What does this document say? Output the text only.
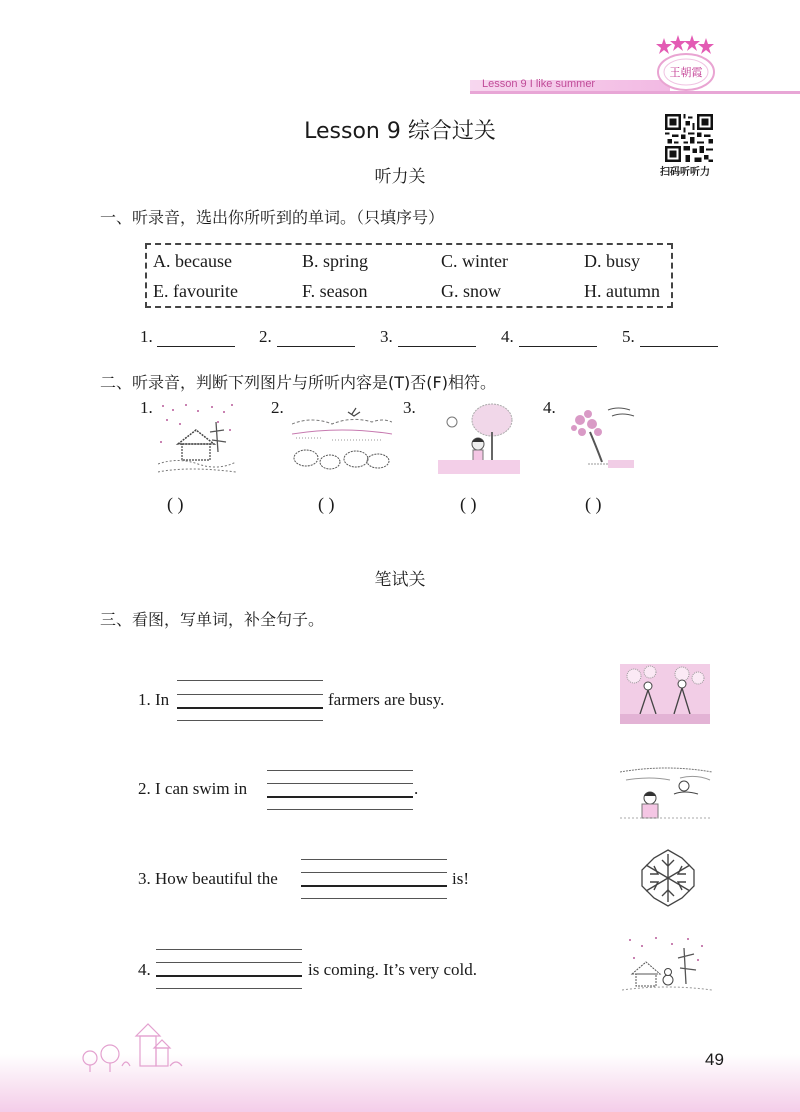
Lesson 9 I like summer
王朝霞
Lesson 9 综合过关
扫码听听力
听力关
一、听录音，选出你所听到的单词。（只填序号）
A. because	B. spring	C. winter	D. busy
E. favourite	F. season	G. snow	H. autumn
1.	2.	3.	4.	5.
二、听录音，判断下列图片与所听内容是(T)否(F)相符。
1.	2.	3.	4.
( )	( )	( )	( )
笔试关
三、看图，写单词，补全句子。
1. In	farmers are busy.
2. I can swim in	.
3. How beautiful the	is!
4.	is coming. It’s very cold.
49
